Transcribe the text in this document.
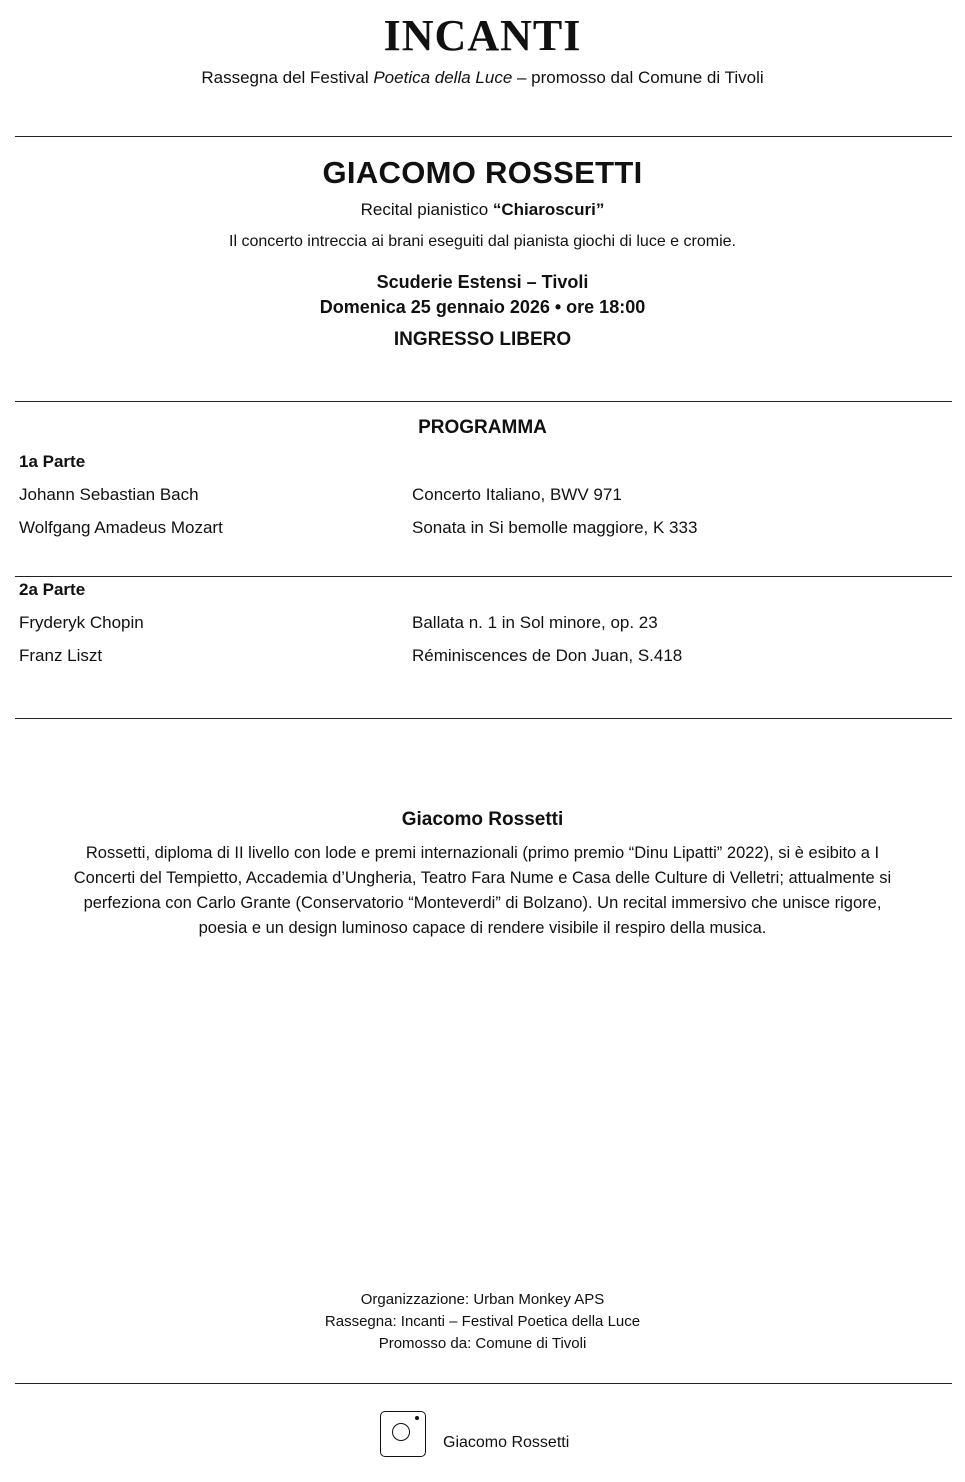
INCANTI
Rassegna del Festival Poetica della Luce – promosso dal Comune di Tivoli
GIACOMO ROSSETTI
Recital pianistico “Chiaroscuri”
Il concerto intreccia ai brani eseguiti dal pianista giochi di luce e cromie.
Scuderie Estensi – Tivoli
Domenica 25 gennaio 2026 • ore 18:00
INGRESSO LIBERO
PROGRAMMA
1a Parte
Johann Sebastian Bach	Concerto Italiano, BWV 971
Wolfgang Amadeus Mozart	Sonata in Si bemolle maggiore, K 333
2a Parte
Fryderyk Chopin	Ballata n. 1 in Sol minore, op. 23
Franz Liszt	Réminiscences de Don Juan, S.418
Giacomo Rossetti
Rossetti, diploma di II livello con lode e premi internazionali (primo premio “Dinu Lipatti” 2022), si è esibito a I Concerti del Tempietto, Accademia d’Ungheria, Teatro Fara Nume e Casa delle Culture di Velletri; attualmente si perfeziona con Carlo Grante (Conservatorio “Monteverdi” di Bolzano). Un recital immersivo che unisce rigore, poesia e un design luminoso capace di rendere visibile il respiro della musica.
Organizzazione: Urban Monkey APS
Rassegna: Incanti – Festival Poetica della Luce
Promosso da: Comune di Tivoli
Giacomo Rossetti
